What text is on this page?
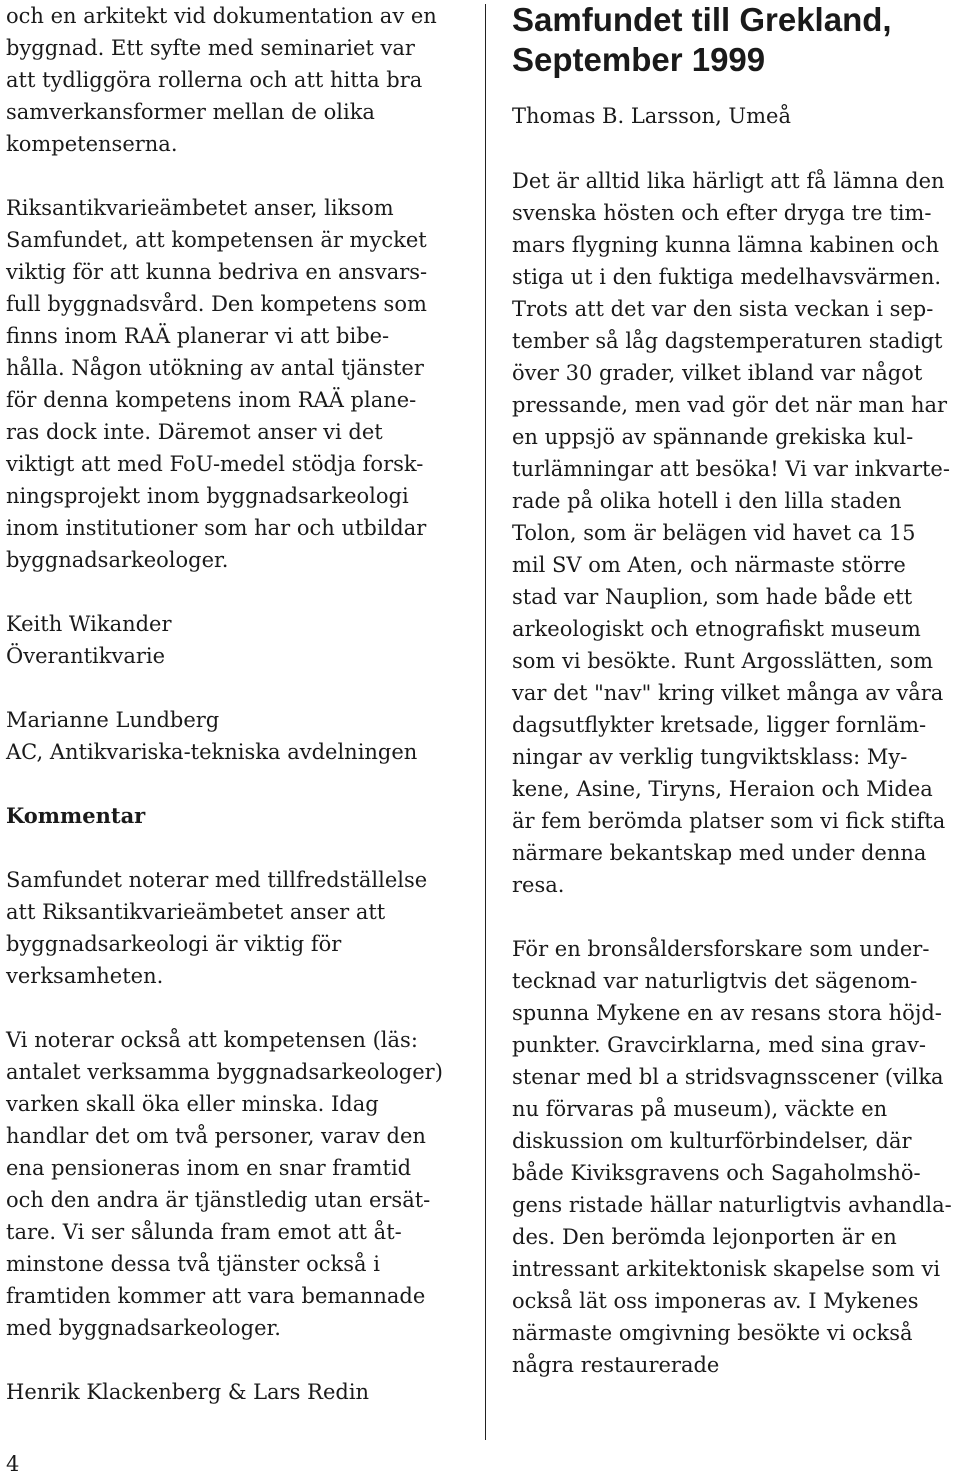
och en arkitekt vid dokumentation av en
byggnad. Ett syfte med seminariet var
att tydliggöra rollerna och att hitta bra
samverkansformer mellan de olika
kompetenserna.
Riksantikvarieämbetet anser, liksom
Samfundet, att kompetensen är mycket
viktig för att kunna bedriva en ansvars-
full byggnadsvård. Den kompetens som
finns inom RAÄ planerar vi att bibe-
hålla. Någon utökning av antal tjänster
för denna kompetens inom RAÄ plane-
ras dock inte. Däremot anser vi det
viktigt att med FoU-medel stödja forsk-
ningsprojekt inom byggnadsarkeologi
inom institutioner som har och utbildar
byggnadsarkeologer.
Keith Wikander
Överantikvarie
Marianne Lundberg
AC, Antikvariska-tekniska avdelningen
Kommentar
Samfundet noterar med tillfredställelse
att Riksantikvarieämbetet anser att
byggnadsarkeologi är viktig för
verksamheten.
Vi noterar också att kompetensen (läs:
antalet verksamma byggnadsarkeologer)
varken skall öka eller minska. Idag
handlar det om två personer, varav den
ena pensioneras inom en snar framtid
och den andra är tjänstledig utan ersät-
tare. Vi ser sålunda fram emot att åt-
minstone dessa två tjänster också i
framtiden kommer att vara bemannade
med byggnadsarkeologer.
Henrik Klackenberg & Lars Redin
Samfundet till Grekland,
September 1999
Thomas B. Larsson, Umeå
Det är alltid lika härligt att få lämna den
svenska hösten och efter dryga tre tim-
mars flygning kunna lämna kabinen och
stiga ut i den fuktiga medelhavsvärmen.
Trots att det var den sista veckan i sep-
tember så låg dagstemperaturen stadigt
över 30 grader, vilket ibland var något
pressande, men vad gör det när man har
en uppsjö av spännande grekiska kul-
turlämningar att besöka! Vi var inkvarte-
rade på olika hotell i den lilla staden
Tolon, som är belägen vid havet ca 15
mil SV om Aten, och närmaste större
stad var Nauplion, som hade både ett
arkeologiskt och etnografiskt museum
som vi besökte. Runt Argosslätten, som
var det "nav" kring vilket många av våra
dagsutflykter kretsade, ligger fornläm-
ningar av verklig tungviktsklass: My-
kene, Asine, Tiryns, Heraion och Midea
är fem berömda platser som vi fick stifta
närmare bekantskap med under denna
resa.
För en bronsåldersforskare som under-
tecknad var naturligtvis det sägenom-
spunna Mykene en av resans stora höjd-
punkter. Gravcirklarna, med sina grav-
stenar med bl a stridsvagnsscener (vilka
nu förvaras på museum), väckte en
diskussion om kulturförbindelser, där
både Kiviksgravens och Sagaholmshö-
gens ristade hällar naturligtvis avhandla-
des. Den berömda lejonporten är en
intressant arkitektonisk skapelse som vi
också lät oss imponeras av. I Mykenes
närmaste omgivning besökte vi också
några restaurerade
4
